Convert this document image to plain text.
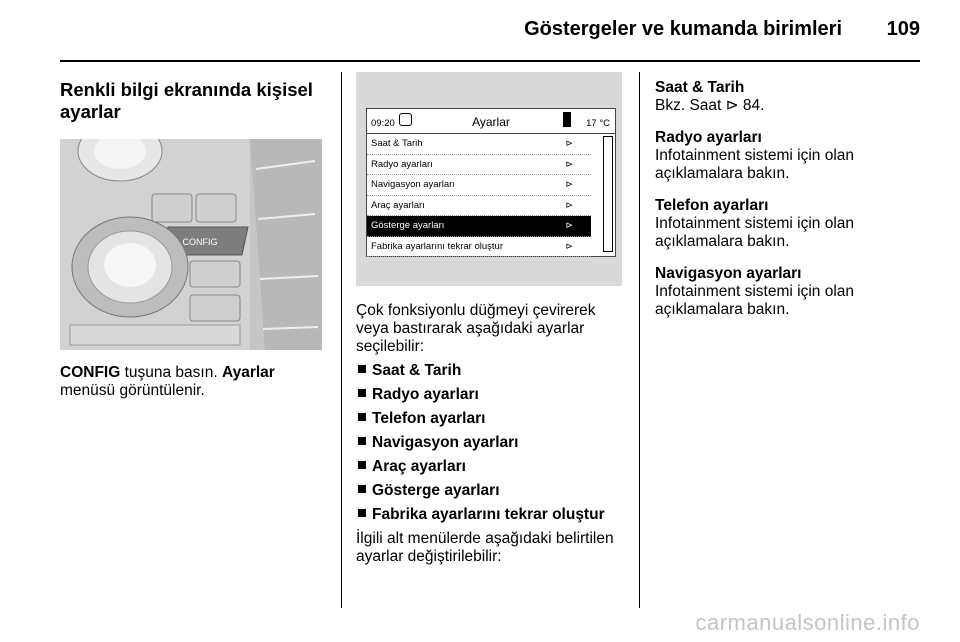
Göstergeler ve kumanda birimleri 109
Renkli bilgi ekranında kişisel ayarlar
CONFIG

CONFIG tuşuna basın. Ayarlar menüsü görüntülenir.

09:20	Ayarlar	17 °C
Saat & Tarih	⊳
Radyo ayarları	⊳
Navigasyon ayarları	⊳
Araç ayarları	⊳
Gösterge ayarları	⊳
Fabrika ayarlarını tekrar oluştur	⊳

Çok fonksiyonlu düğmeyi çevirerek veya bastırarak aşağıdaki ayarlar seçilebilir:

Saat & Tarih
Radyo ayarları
Telefon ayarları
Navigasyon ayarları
Araç ayarları
Gösterge ayarları
Fabrika ayarlarını tekrar oluştur

İlgili alt menülerde aşağıdaki belirtilen ayarlar değiştirilebilir:

Saat & Tarih
Bkz. Saat ⊳ 84.
Radyo ayarları
Infotainment sistemi için olan açıklamalara bakın.
Telefon ayarları
Infotainment sistemi için olan açıklamalara bakın.
Navigasyon ayarları
Infotainment sistemi için olan açıklamalara bakın.
carmanualsonline.info
